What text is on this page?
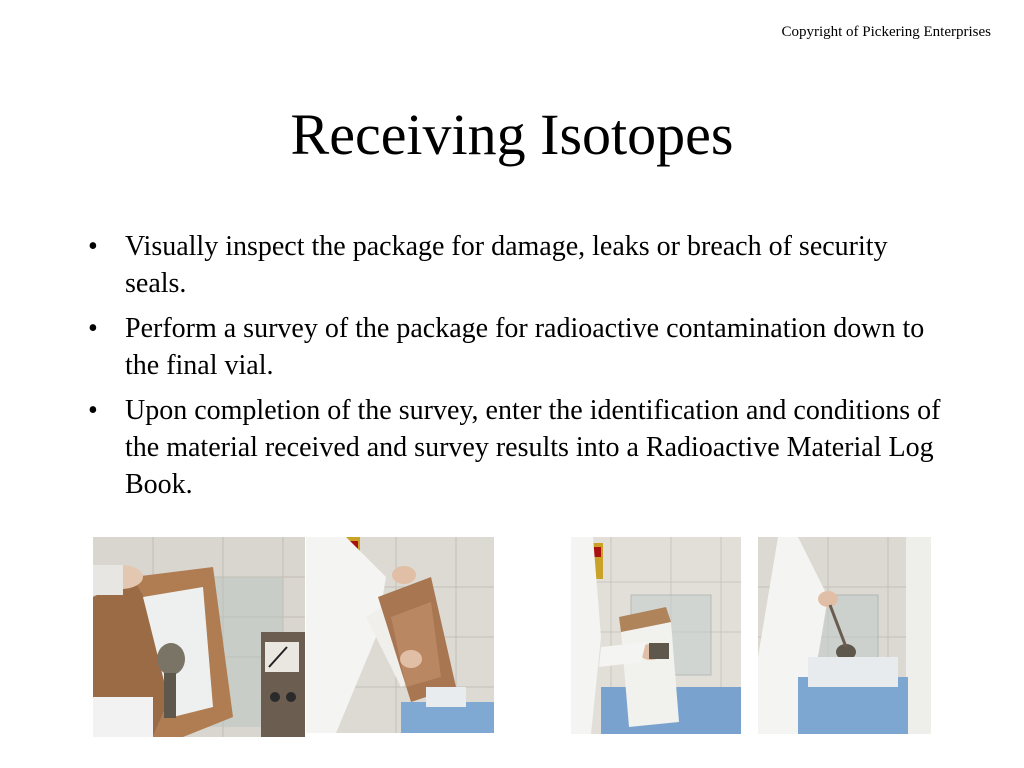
Copyright of Pickering Enterprises
Receiving Isotopes
• Visually inspect the package for damage, leaks or breach of security seals.
• Perform a survey of the package for radioactive contamination down to the final vial.
• Upon completion of the survey, enter the identification and conditions of the material received and survey results into a Radioactive Material Log Book.
